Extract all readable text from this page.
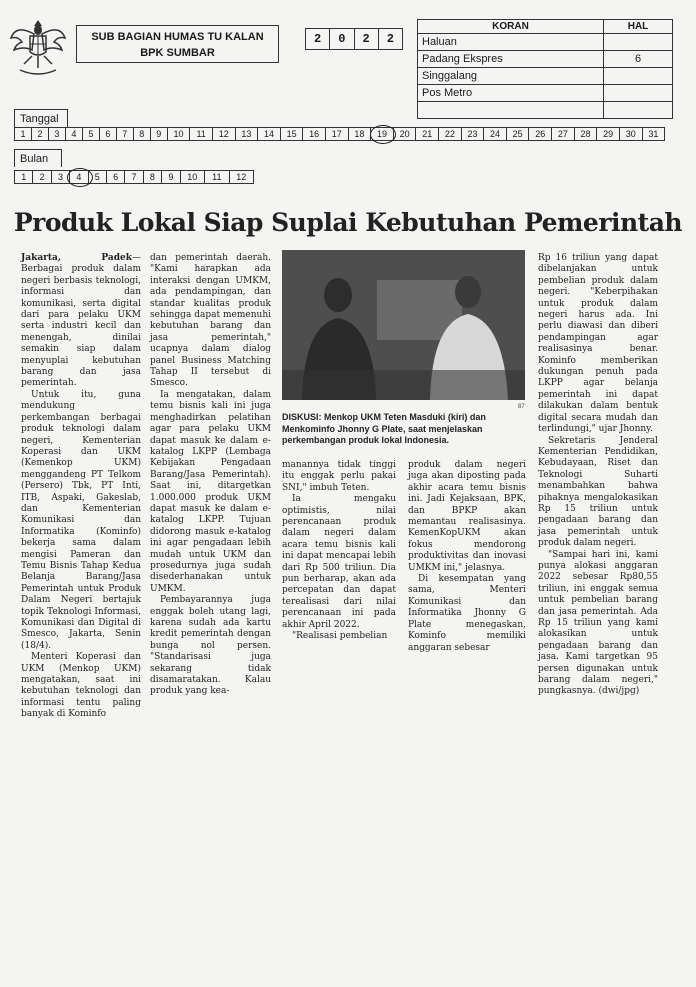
SUB BAGIAN HUMAS TU KALAN
BPK SUMBAR
2	0	2	2
KORAN	HAL
Haluan	
Padang Ekspres	6
Singgalang	
Pos Metro	

Tanggal
1	2	3	4	5	6	7	8	9	10	11	12	13	14	15	16	17	18	19	20	21	22	23	24	25	26	27	28	29	30	31
Bulan
1	2	3	4	5	6	7	8	9	10	11	12
Produk Lokal Siap Suplai Kebutuhan Pemerintah

Jakarta, Padek—Berbagai produk dalam negeri berbasis teknologi, informasi dan komunikasi, serta digital dari para pelaku UKM serta industri kecil dan menengah, dinilai semakin siap dalam menyuplai kebutuhan barang dan jasa pemerintah.

Untuk itu, guna mendukung perkembangan berbagai produk teknologi dalam negeri, Kementerian Koperasi dan UKM (Kemenkop UKM) menggandeng PT Telkom (Persero) Tbk, PT Inti, ITB, Aspaki, Gakeslab, dan Kementerian Komunikasi dan Informatika (Kominfo) bekerja sama dalam mengisi Pameran dan Temu Bisnis Tahap Kedua Belanja Barang/Jasa Pemerintah untuk Produk Dalam Negeri bertajuk topik Teknologi Informasi, Komunikasi dan Digital di Smesco, Jakarta, Senin (18/4).

Menteri Koperasi dan UKM (Menkop UKM) mengatakan, saat ini kebutuhan teknologi dan informasi tentu paling banyak di Kominfo

dan pemerintah daerah. "Kami harapkan ada interaksi dengan UMKM, ada pendampingan, dan standar kualitas produk sehingga dapat memenuhi kebutuhan barang dan jasa pemerintah," ucapnya dalam dialog panel Business Matching Tahap II tersebut di Smesco.

Ia mengatakan, dalam temu bisnis kali ini juga menghadirkan pelatihan agar para pelaku UKM dapat masuk ke dalam e-katalog LKPP (Lembaga Kebijakan Pengadaan Barang/Jasa Pemerintah). Saat ini, ditargetkan 1.000.000 produk UKM dapat masuk ke dalam e-katalog LKPP. Tujuan didorong masuk e-katalog ini agar pengadaan lebih mudah untuk UKM dan prosedurnya juga sudah disederhanakan untuk UMKM.

Pembayarannya juga enggak boleh utang lagi, karena sudah ada kartu kredit pemerintah dengan bunga nol persen. "Standarisasi juga sekarang tidak disamaratakan. Kalau produk yang kea-

87
DISKUSI: Menkop UKM Teten Masduki (kiri) dan Menkominfo Jhonny G Plate, saat menjelaskan perkembangan produk lokal Indonesia.

manannya tidak tinggi itu enggak perlu pakai SNI," imbuh Teten.

Ia mengaku optimistis, nilai perencanaan produk dalam negeri dalam acara temu bisnis kali ini dapat mencapai lebih dari Rp 500 triliun. Dia pun berharap, akan ada percepatan dan dapat terealisasi dari nilai perencanaan ini pada akhir April 2022.

"Realisasi pembelian

produk dalam negeri juga akan diposting pada akhir acara temu bisnis ini. Jadi Kejaksaan, BPK, dan BPKP akan memantau realisasinya. KemenKopUKM akan fokus mendorong produktivitas dan inovasi UMKM ini," jelasnya.

Di kesempatan yang sama, Menteri Komunikasi dan Informatika Jhonny G Plate menegaskan, Kominfo memiliki anggaran sebesar

Rp 16 triliun yang dapat dibelanjakan untuk pembelian produk dalam negeri. "Keberpihakan untuk produk dalam negeri harus ada. Ini perlu diawasi dan diberi pendampingan agar realisasinya benar. Kominfo memberikan dukungan penuh pada LKPP agar belanja pemerintah ini dapat dilakukan dalam bentuk digital secara mudah dan terlindungi," ujar Jhonny.

Sekretaris Jenderal Kementerian Pendidikan, Kebudayaan, Riset dan Teknologi Suharti menambahkan bahwa pihaknya mengalokasikan Rp 15 triliun untuk pengadaan barang dan jasa pemerintah untuk produk dalam negeri.

"Sampai hari ini, kami punya alokasi anggaran 2022 sebesar Rp80,55 triliun, ini enggak semua untuk pembelian barang dan jasa pemerintah. Ada Rp 15 triliun yang kami alokasikan untuk pengadaan barang dan jasa. Kami targetkan 95 persen digunakan untuk barang dalam negeri," pungkasnya. (dwi/jpg)
